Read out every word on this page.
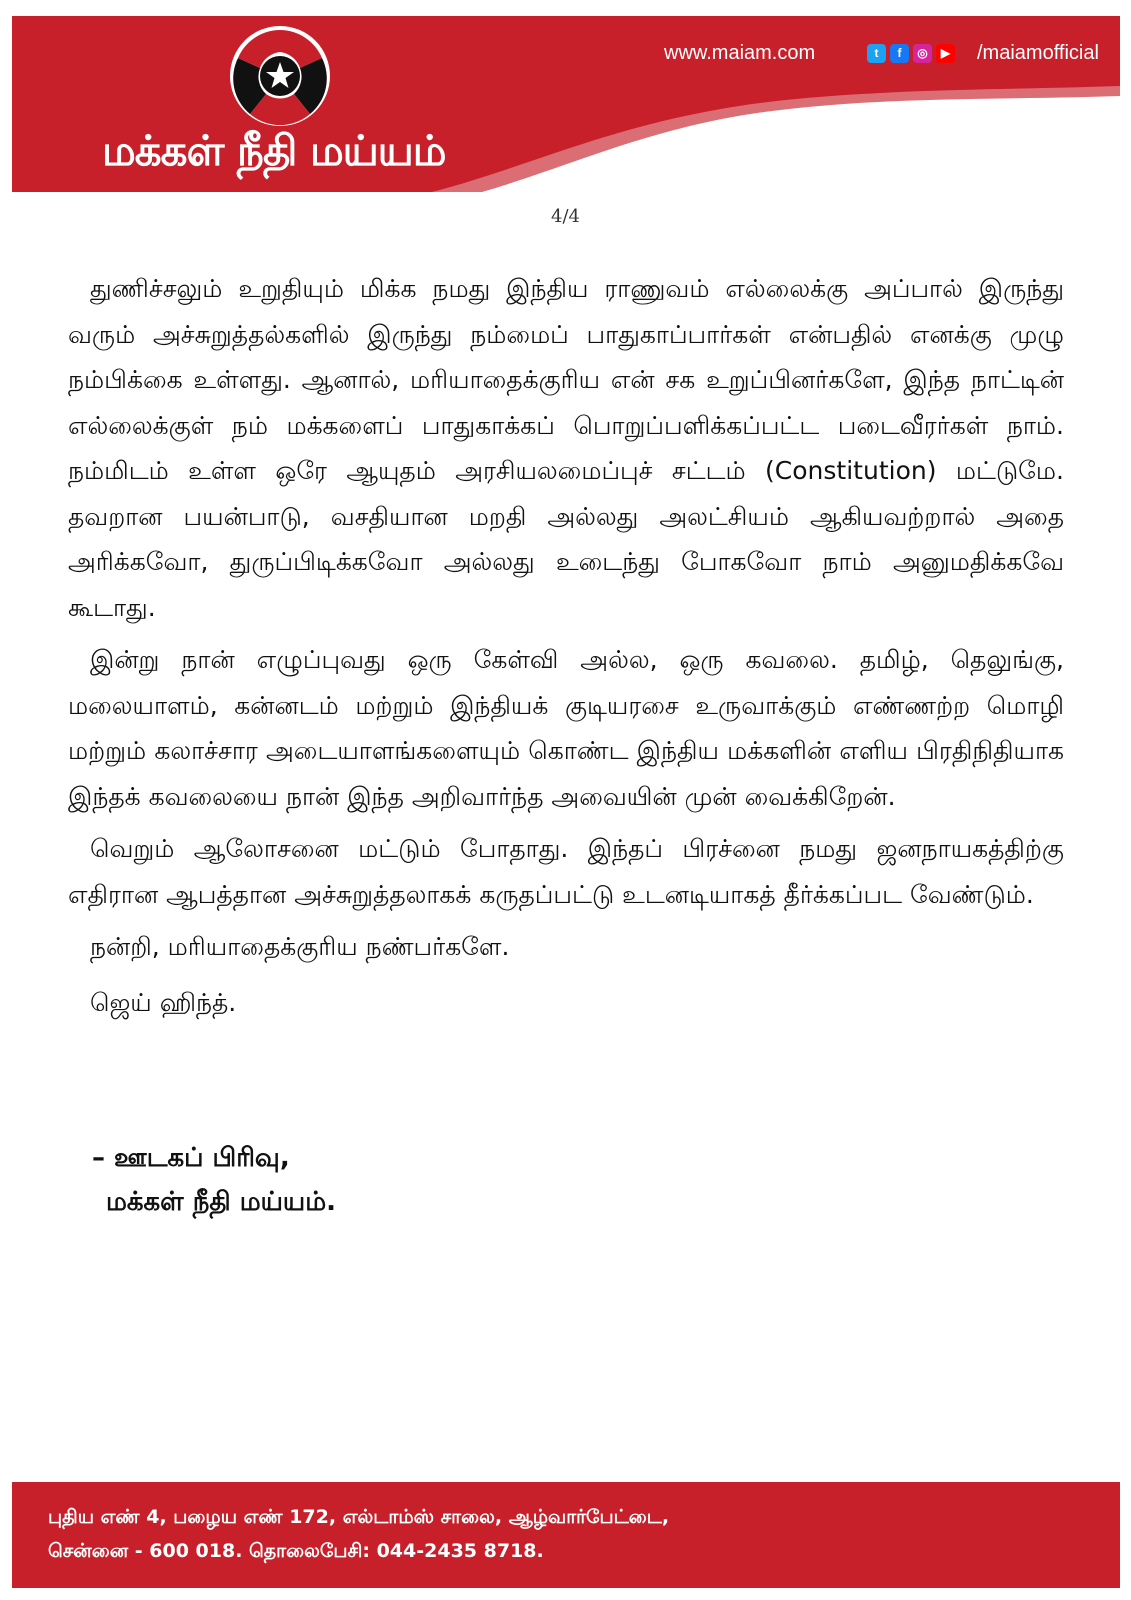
மக்கள் நீதி மய்யம்
www.maiam.com	t	f	◎	▶ /maiamofficial
4/4

துணிச்சலும் உறுதியும் மிக்க நமது இந்திய ராணுவம் எல்லைக்கு அப்பால் இருந்து வரும் அச்சுறுத்தல்களில் இருந்து நம்மைப் பாதுகாப்பார்கள் என்பதில் எனக்கு முழு நம்பிக்கை உள்ளது. ஆனால், மரியாதைக்குரிய என் சக உறுப்பினர்களே, இந்த நாட்டின் எல்லைக்குள் நம் மக்களைப் பாதுகாக்கப் பொறுப்பளிக்கப்பட்ட படைவீரர்கள் நாம். நம்மிடம் உள்ள ஒரே ஆயுதம் அரசியலமைப்புச் சட்டம் (Constitution) மட்டுமே. தவறான பயன்பாடு, வசதியான மறதி அல்லது அலட்சியம் ஆகியவற்றால் அதை அரிக்கவோ, துருப்பிடிக்கவோ அல்லது உடைந்து போகவோ நாம் அனுமதிக்கவே கூடாது.

இன்று நான் எழுப்புவது ஒரு கேள்வி அல்ல, ஒரு கவலை. தமிழ், தெலுங்கு, மலையாளம், கன்னடம் மற்றும் இந்தியக் குடியரசை உருவாக்கும் எண்ணற்ற மொழி மற்றும் கலாச்சார அடையாளங்களையும் கொண்ட இந்திய மக்களின் எளிய பிரதிநிதியாக இந்தக் கவலையை நான் இந்த அறிவார்ந்த அவையின் முன் வைக்கிறேன்.

வெறும் ஆலோசனை மட்டும் போதாது. இந்தப் பிரச்னை நமது ஜனநாயகத்திற்கு எதிரான ஆபத்தான அச்சுறுத்தலாகக் கருதப்பட்டு உடனடியாகத் தீர்க்கப்பட வேண்டும்.

நன்றி, மரியாதைக்குரிய நண்பர்களே.

ஜெய் ஹிந்த்.

– ஊடகப் பிரிவு,
மக்கள் நீதி மய்யம்.
புதிய எண் 4, பழைய எண் 172, எல்டாம்ஸ் சாலை, ஆழ்வார்பேட்டை,
சென்னை - 600 018. தொலைபேசி: 044-2435 8718.
